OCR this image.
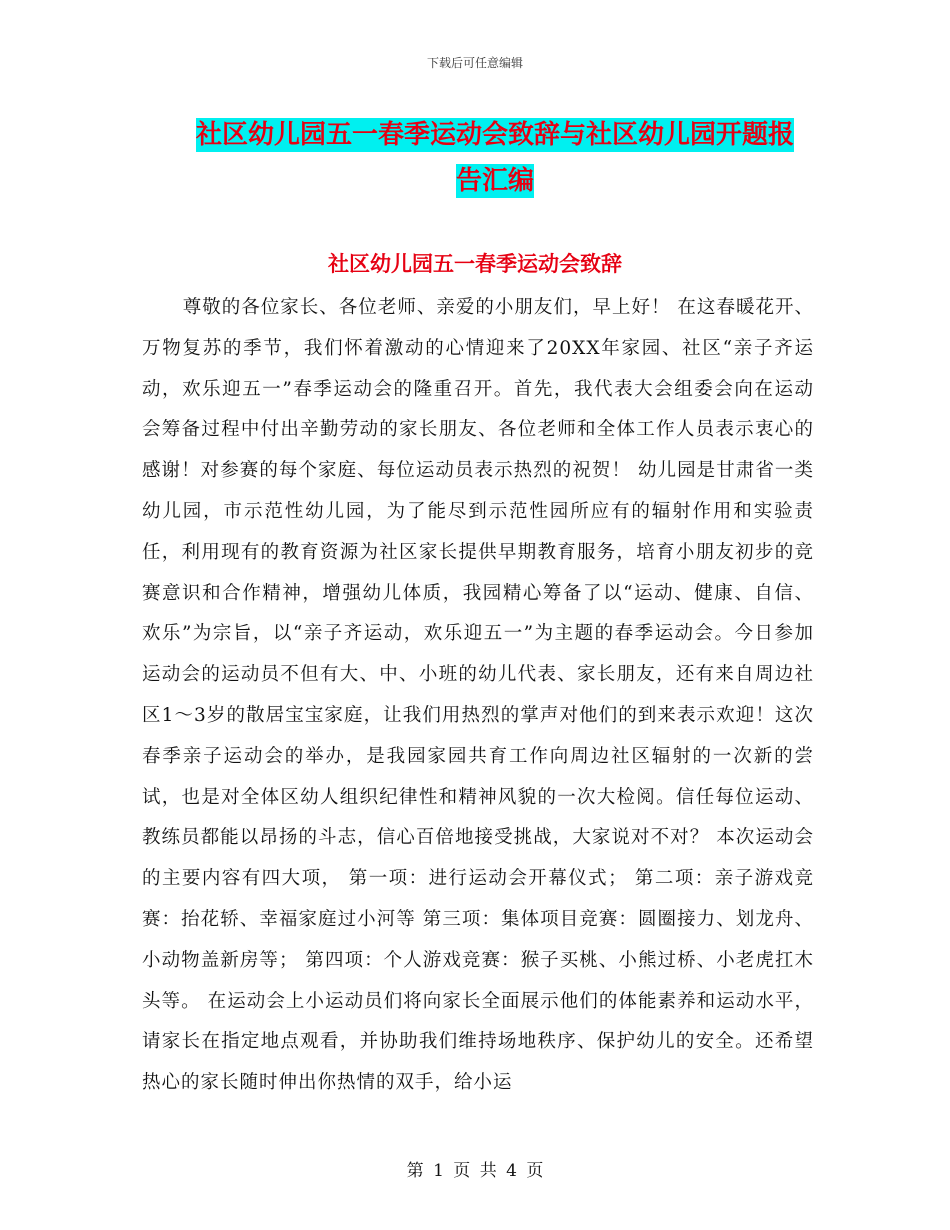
下载后可任意编辑
社区幼儿园五一春季运动会致辞与社区幼儿园开题报
告汇编
社区幼儿园五一春季运动会致辞

尊敬的各位家长、各位老师、亲爱的小朋友们，早上好！ 在这春暖花开、万物复苏的季节，我们怀着激动的心情迎来了20XX年家园、社区“亲子齐运动，欢乐迎五一”春季运动会的隆重召开。首先，我代表大会组委会向在运动会筹备过程中付出辛勤劳动的家长朋友、各位老师和全体工作人员表示衷心的感谢！对参赛的每个家庭、每位运动员表示热烈的祝贺！ 幼儿园是甘肃省一类幼儿园，市示范性幼儿园，为了能尽到示范性园所应有的辐射作用和实验责任，利用现有的教育资源为社区家长提供早期教育服务，培育小朋友初步的竞赛意识和合作精神，增强幼儿体质，我园精心筹备了以“运动、健康、自信、欢乐”为宗旨，以“亲子齐运动，欢乐迎五一”为主题的春季运动会。今日参加运动会的运动员不但有大、中、小班的幼儿代表、家长朋友，还有来自周边社区1～3岁的散居宝宝家庭，让我们用热烈的掌声对他们的到来表示欢迎！这次春季亲子运动会的举办，是我园家园共育工作向周边社区辐射的一次新的尝试，也是对全体区幼人组织纪律性和精神风貌的一次大检阅。信任每位运动、教练员都能以昂扬的斗志，信心百倍地接受挑战，大家说对不对？ 本次运动会的主要内容有四大项， 第一项：进行运动会开幕仪式； 第二项：亲子游戏竞赛：抬花轿、幸福家庭过小河等 第三项：集体项目竞赛：圆圈接力、划龙舟、小动物盖新房等； 第四项：个人游戏竞赛：猴子买桃、小熊过桥、小老虎扛木头等。 在运动会上小运动员们将向家长全面展示他们的体能素养和运动水平，请家长在指定地点观看，并协助我们维持场地秩序、保护幼儿的安全。还希望热心的家长随时伸出你热情的双手，给小运

第 1 页 共 4 页
